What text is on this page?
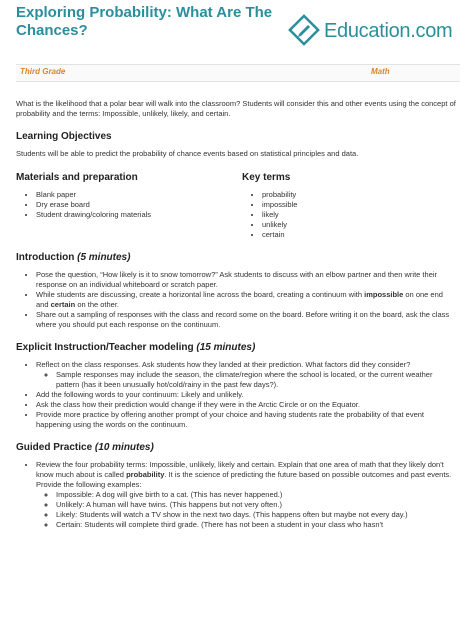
Exploring Probability: What Are The Chances?	Education.com
Third Grade	Math

What is the likelihood that a polar bear will walk into the classroom? Students will consider this and other events using the concept of probability and the terms: Impossible, unlikely, likely, and certain.

Learning Objectives

Students will be able to predict the probability of chance events based on statistical principles and data.

Materials and preparation
• Blank paper
• Dry erase board
• Student drawing/coloring materials
Key terms
• probability
• impossible
• likely
• unlikely
• certain
Introduction (5 minutes)
• Pose the question, “How likely is it to snow tomorrow?” Ask students to discuss with an elbow partner and then write their response on an individual whiteboard or scratch paper.
• While students are discussing, create a horizontal line across the board, creating a continuum with impossible on one end and certain on the other.
• Share out a sampling of responses with the class and record some on the board. Before writing it on the board, ask the class where you should put each response on the continuum.
Explicit Instruction/Teacher modeling (15 minutes)
• Reflect on the class responses. Ask students how they landed at their prediction. What factors did they consider?
◦ Sample responses may include the season, the climate/region where the school is located, or the current weather pattern (has it been unusually hot/cold/rainy in the past few days?).
• Add the following words to your continuum: Likely and unlikely.
• Ask the class how their prediction would change if they were in the Arctic Circle or on the Equator.
• Provide more practice by offering another prompt of your choice and having students rate the probability of that event happening using the words on the continuum.
Guided Practice (10 minutes)
• Review the four probability terms: Impossible, unlikely, likely and certain. Explain that one area of math that they likely don't know much about is called probability. It is the science of predicting the future based on possible outcomes and past events. Provide the following examples:
◦ Impossible: A dog will give birth to a cat. (This has never happened.)
◦ Unlikely: A human will have twins. (This happens but not very often.)
◦ Likely: Students will watch a TV show in the next two days. (This happens often but maybe not every day.)
◦ Certain: Students will complete third grade. (There has not been a student in your class who hasn't
